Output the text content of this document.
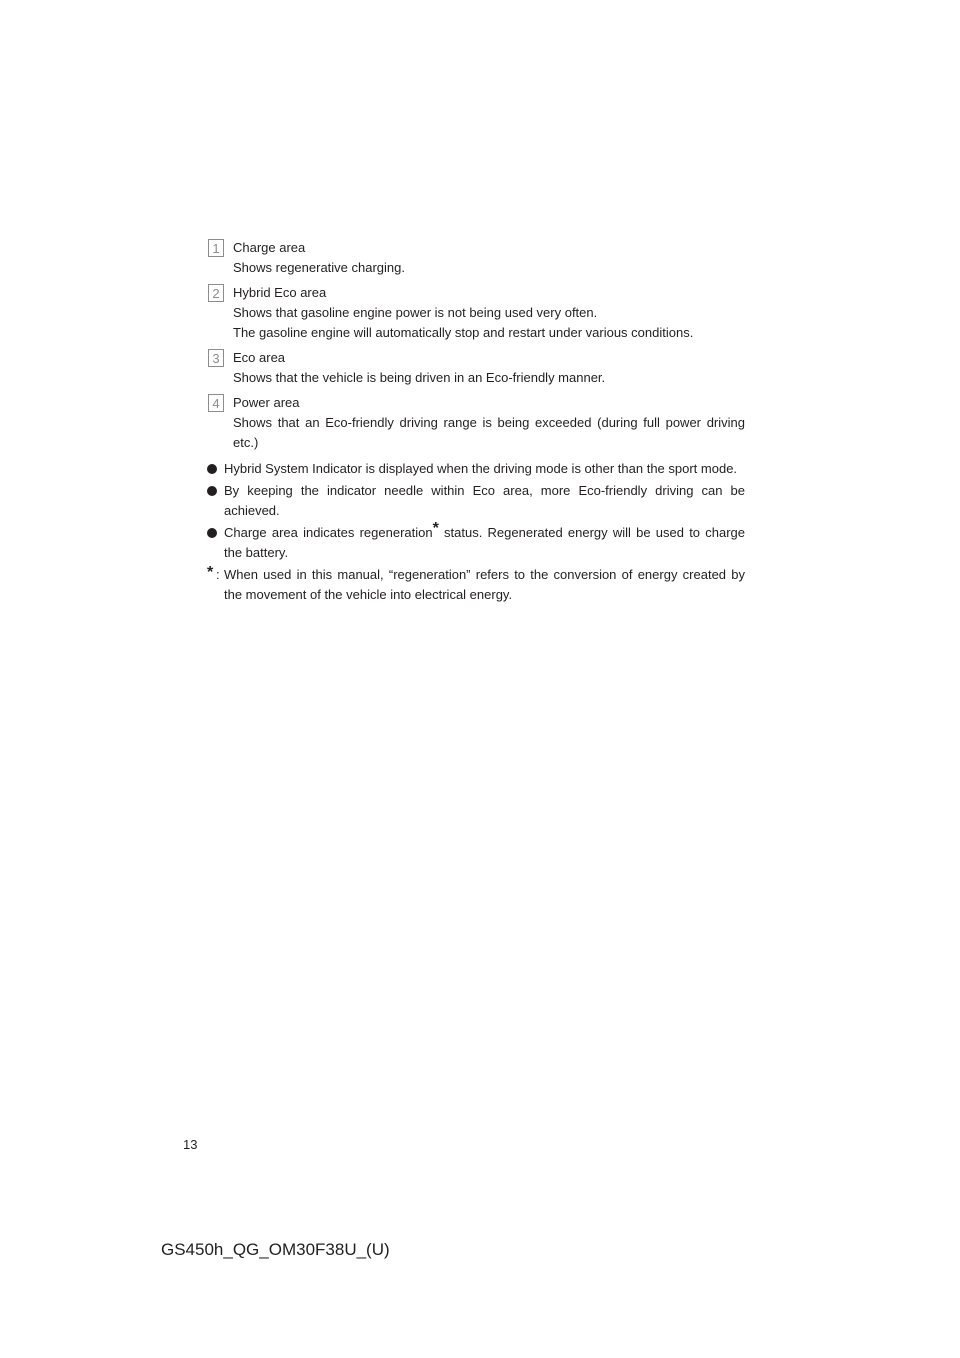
1	Charge area
Shows regenerative charging.
2	Hybrid Eco area
Shows that gasoline engine power is not being used very often.
The gasoline engine will automatically stop and restart under various conditions.
3	Eco area
Shows that the vehicle is being driven in an Eco-friendly manner.
4	Power area
Shows that an Eco-friendly driving range is being exceeded (during full power driving etc.)
Hybrid System Indicator is displayed when the driving mode is other than the sport mode.
By keeping the indicator needle within Eco area, more Eco-friendly driving can be achieved.
Charge area indicates regeneration* status. Regenerated energy will be used to charge the battery.
* : When used in this manual, “regeneration” refers to the conversion of energy created by the movement of the vehicle into electrical energy.
13
GS450h_QG_OM30F38U_(U)
